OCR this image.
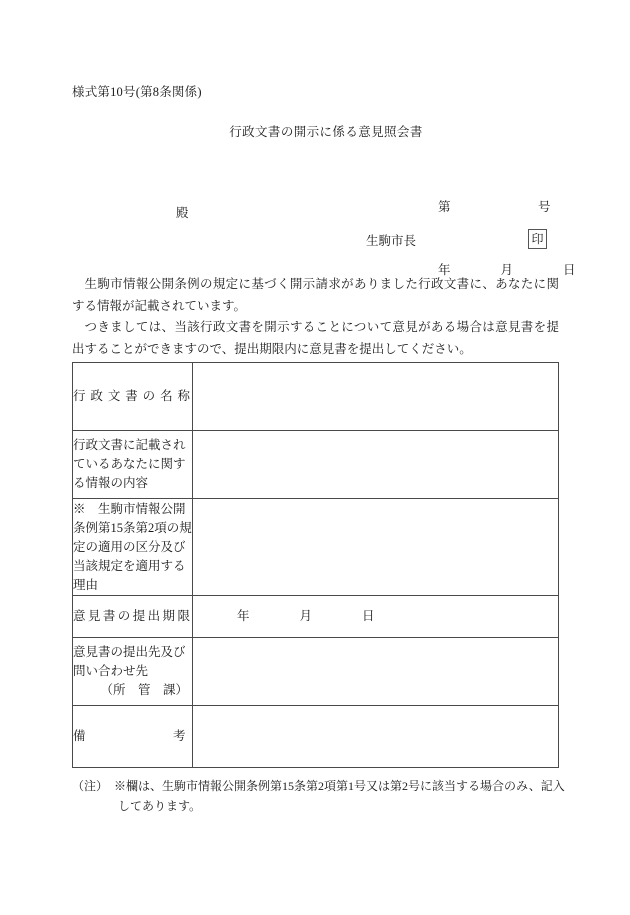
様式第10号(第8条関係)
行政文書の開示に係る意見照会書

第　　　　　　　号

年　　　　月　　　　日

殿
生駒市長	印

生駒市情報公開条例の規定に基づく開示請求がありました行政文書に、あなたに関する情報が記載されています。

つきましては、当該行政文書を開示することについて意見がある場合は意見書を提出することができますので、提出期限内に意見書を提出してください。

行政文書の名称	

行政文書に記載されているあなたに関する情報の内容	

※　生駒市情報公開条例第15条第2項の規定の適用の区分及び当該規定を適用する理由	

意見書の提出期限	年　　　　月　　　　日

意見書の提出先及び
問い合わせ先
（所　管　課）	

備　　　　　　　考	

（注）　※欄は、生駒市情報公開条例第15条第2項第1号又は第2号に該当する場合のみ、記入
してあります。
